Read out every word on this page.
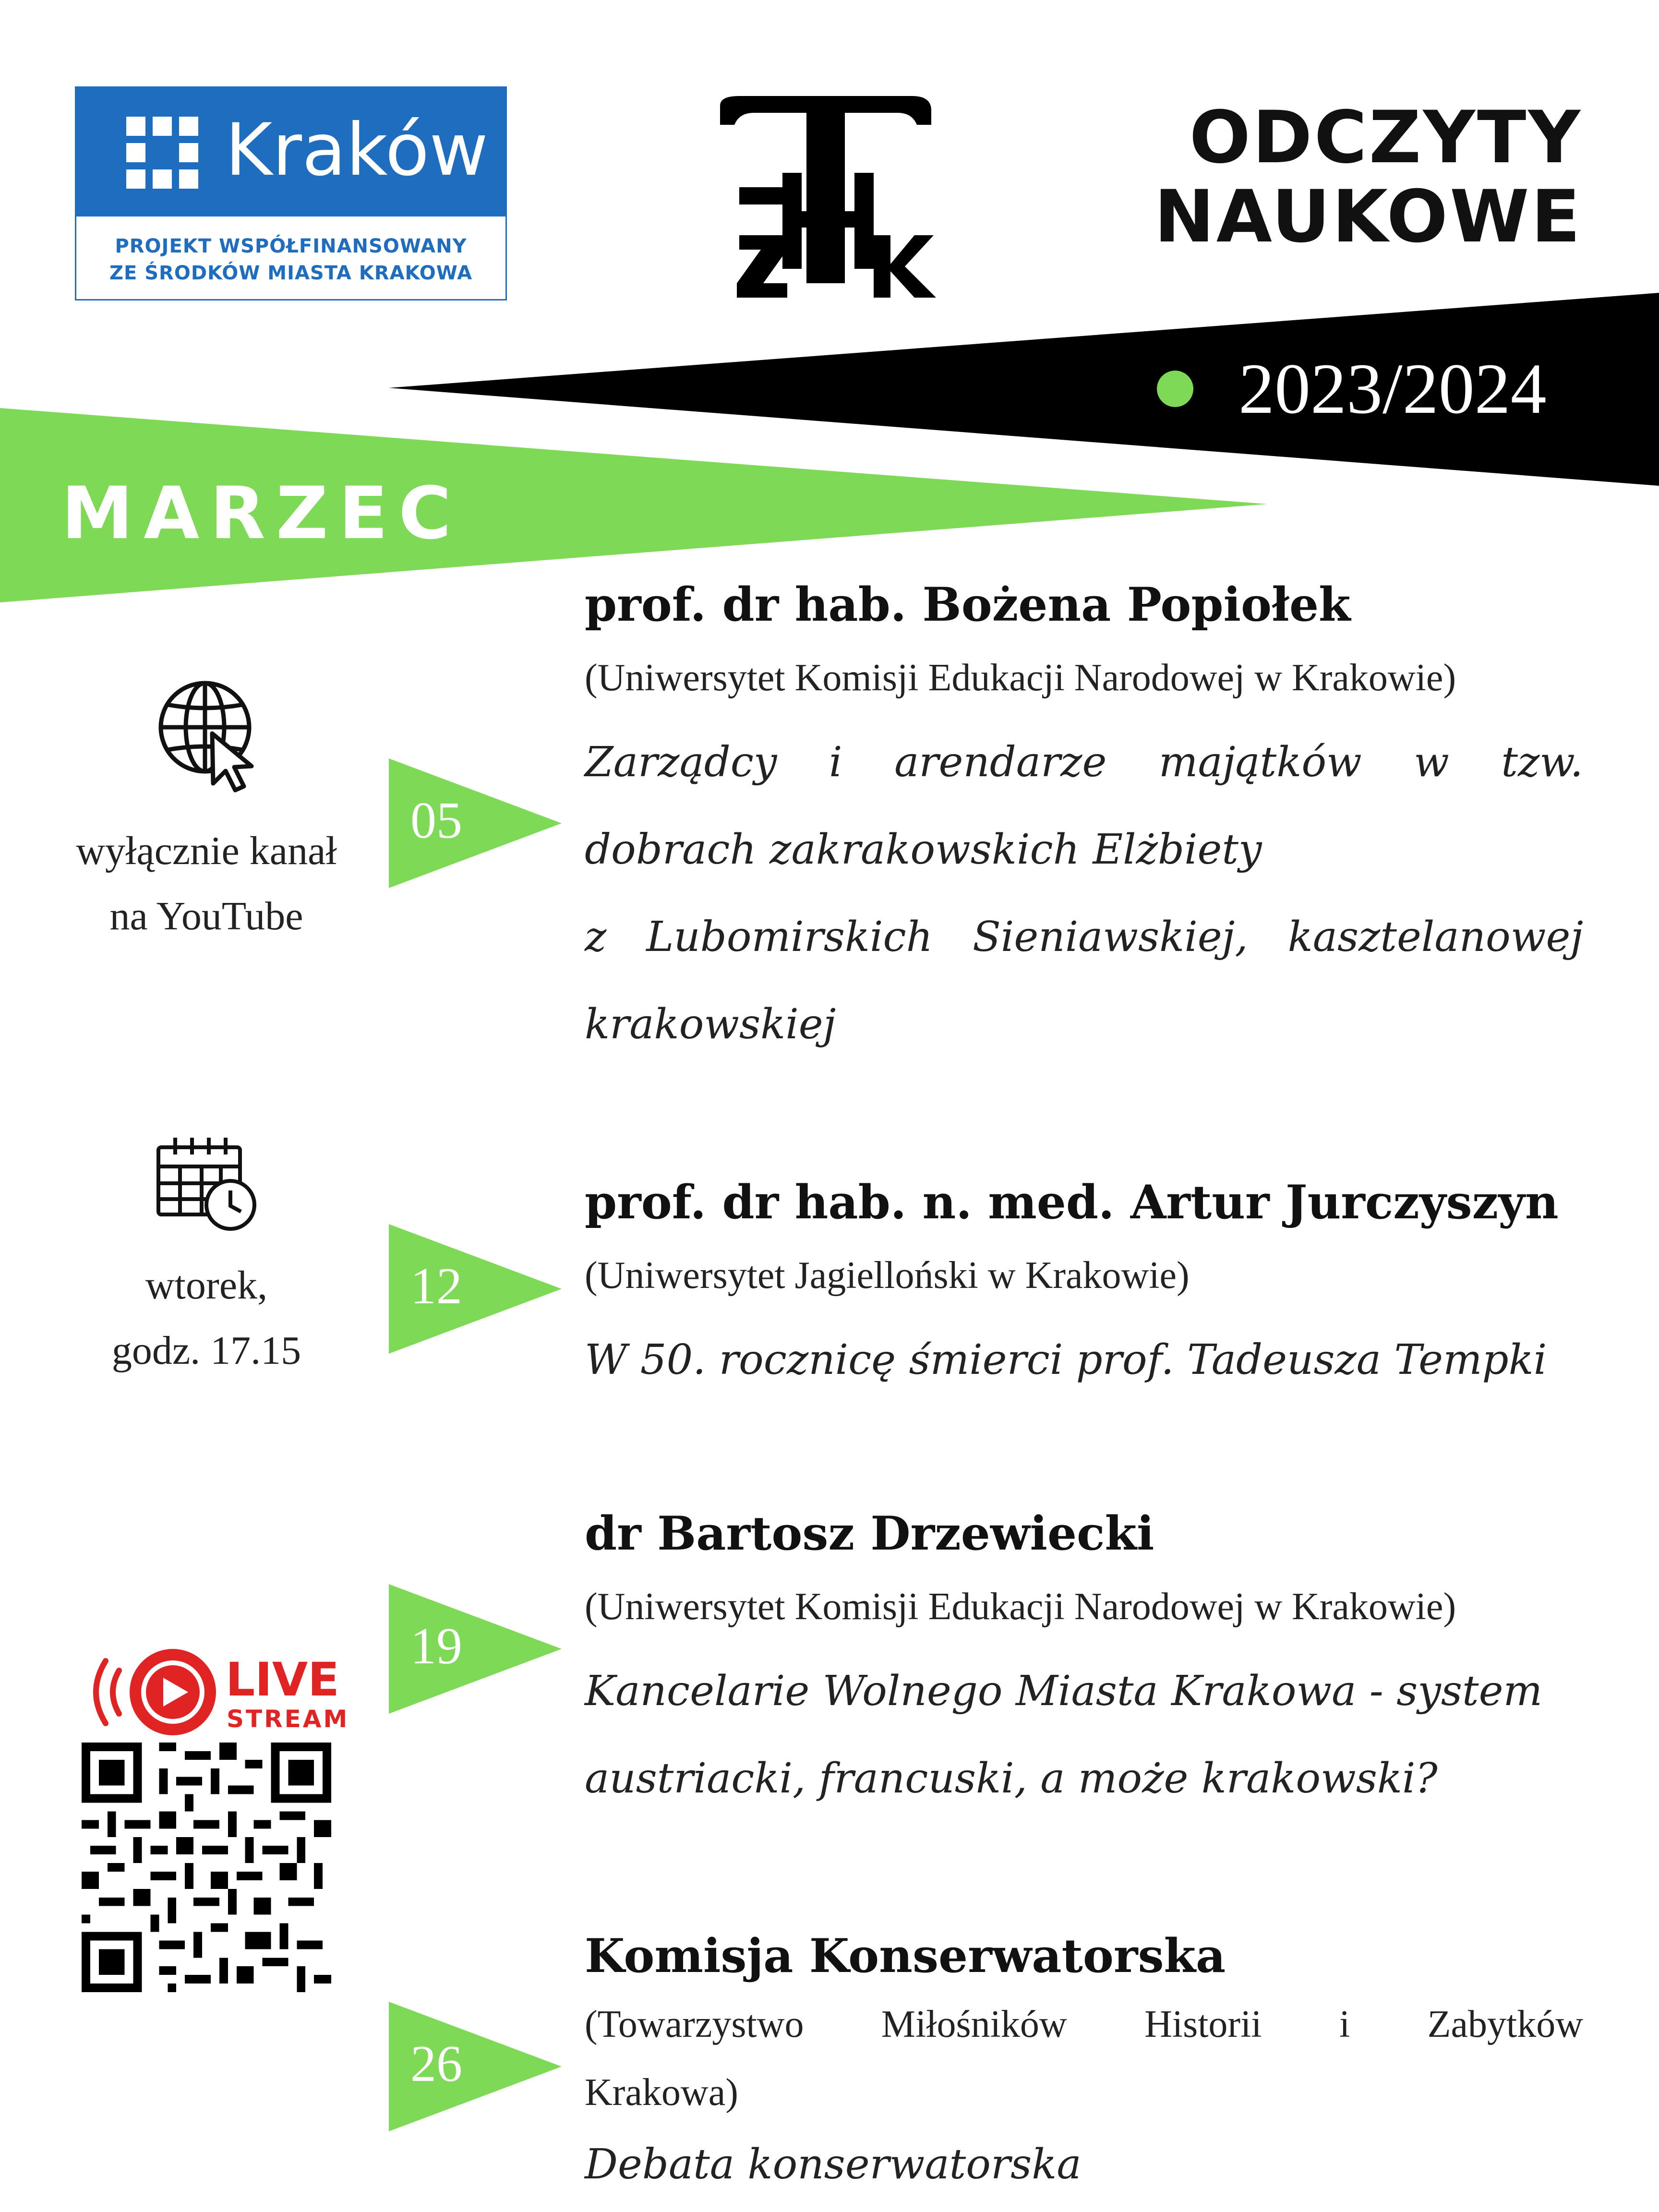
Kraków
PROJEKT WSPÓŁFINANSOWANY
ZE ŚRODKÓW MIASTA KRAKOWA
ODCZYTY
NAUKOWE
2023/2024
MARZEC
wyłącznie kanał
na YouTube
wtorek,
godz. 17.15
LIVE
STREAM
05
12
19
26
prof. dr hab. Bożena Popiołek
(Uniwersytet Komisji Edukacji Narodowej w Krakowie)
Zarządcy i arendarze majątków w tzw.
dobrach zakrakowskich Elżbiety
z Lubomirskich Sieniawskiej, kasztelanowej
krakowskiej
prof. dr hab. n. med. Artur Jurczyszyn
(Uniwersytet Jagielloński w Krakowie)
W 50. rocznicę śmierci prof. Tadeusza Tempki
dr Bartosz Drzewiecki
(Uniwersytet Komisji Edukacji Narodowej w Krakowie)
Kancelarie Wolnego Miasta Krakowa - system
austriacki, francuski, a może krakowski?
Komisja Konserwatorska
(Towarzystwo Miłośników Historii i Zabytków
Krakowa)
Debata konserwatorska
